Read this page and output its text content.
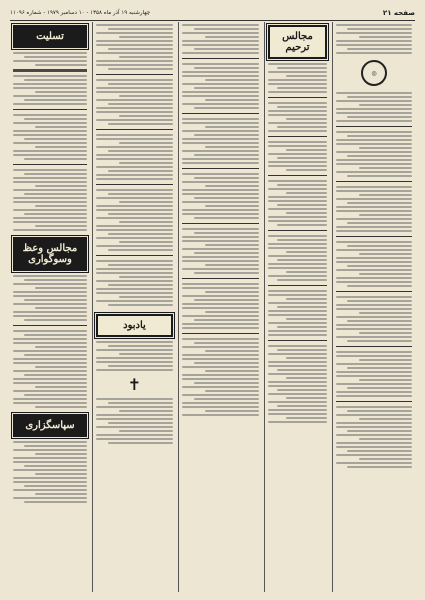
صفحه ۲۱
چهارشنبه ۱۹ آذر ماه ۱۳۵۸ - ۱۰ دسامبر ۱۹۷۹ - شماره ۱۱۰۹۶
تسلیت
مجالس وعظ وسوگواری
سپاسگزاری
یادبود
✝
مجالس ترحیم
◎
